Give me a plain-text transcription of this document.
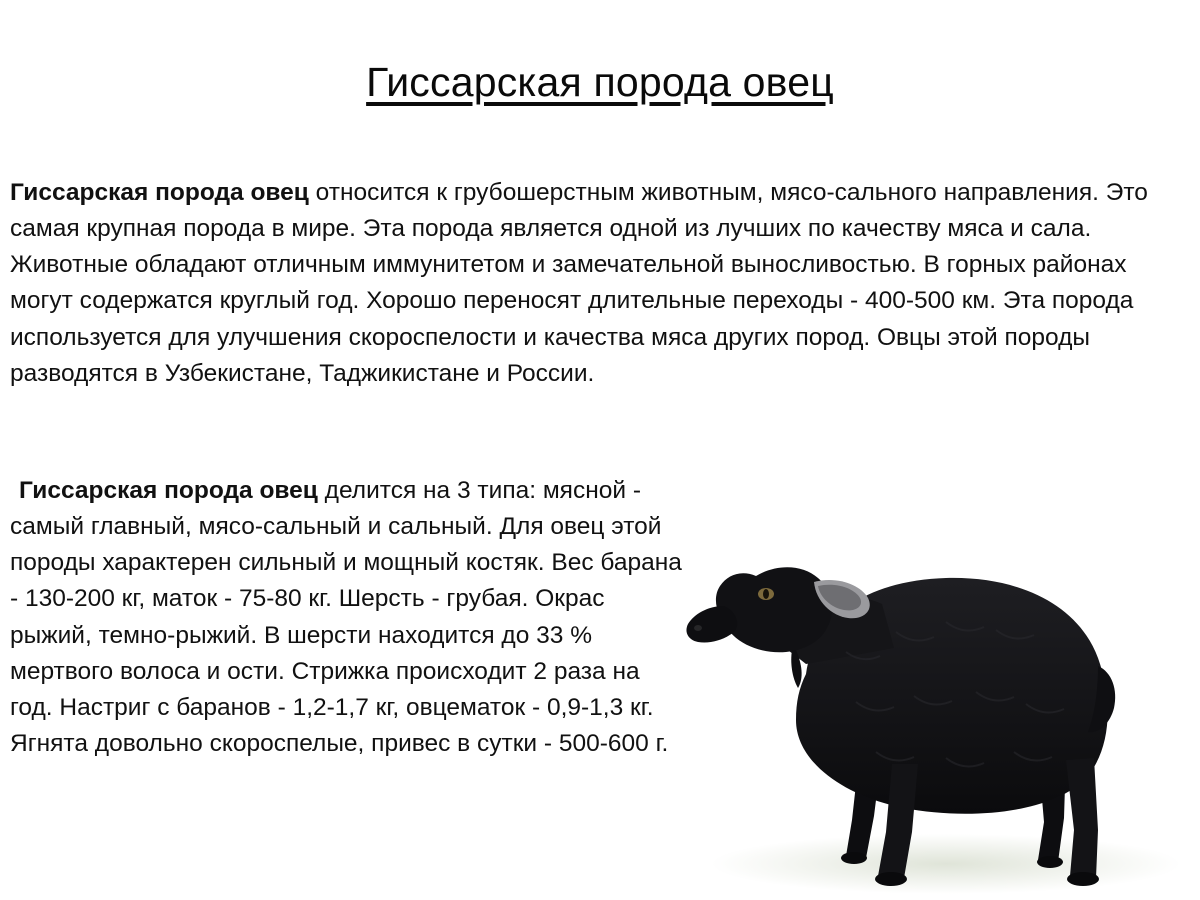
Гиссарская порода овец

Гиссарская порода овец относится к грубошерстным животным, мясо-сального направления. Это самая крупная порода в мире. Эта порода является одной из лучших по качеству мяса и сала. Животные обладают отличным иммунитетом и замечательной выносливостью. В горных районах могут содержатся круглый год. Хорошо переносят длительные переходы - 400-500 км. Эта порода используется для улучшения скороспелости и качества мяса других пород. Овцы этой породы разводятся в Узбекистане, Таджикистане и России.

Гиссарская порода овец делится на 3 типа: мясной - самый главный, мясо-сальный и сальный. Для овец этой породы характерен сильный и мощный костяк. Вес барана - 130-200 кг, маток - 75-80 кг. Шерсть - грубая. Окрас рыжий, темно-рыжий. В шерсти находится до 33 % мертвого волоса и ости. Стрижка происходит 2 раза на год. Настриг с баранов - 1,2-1,7 кг, овцематок - 0,9-1,3 кг. Ягнята довольно скороспелые, привес в сутки - 500-600 г.
